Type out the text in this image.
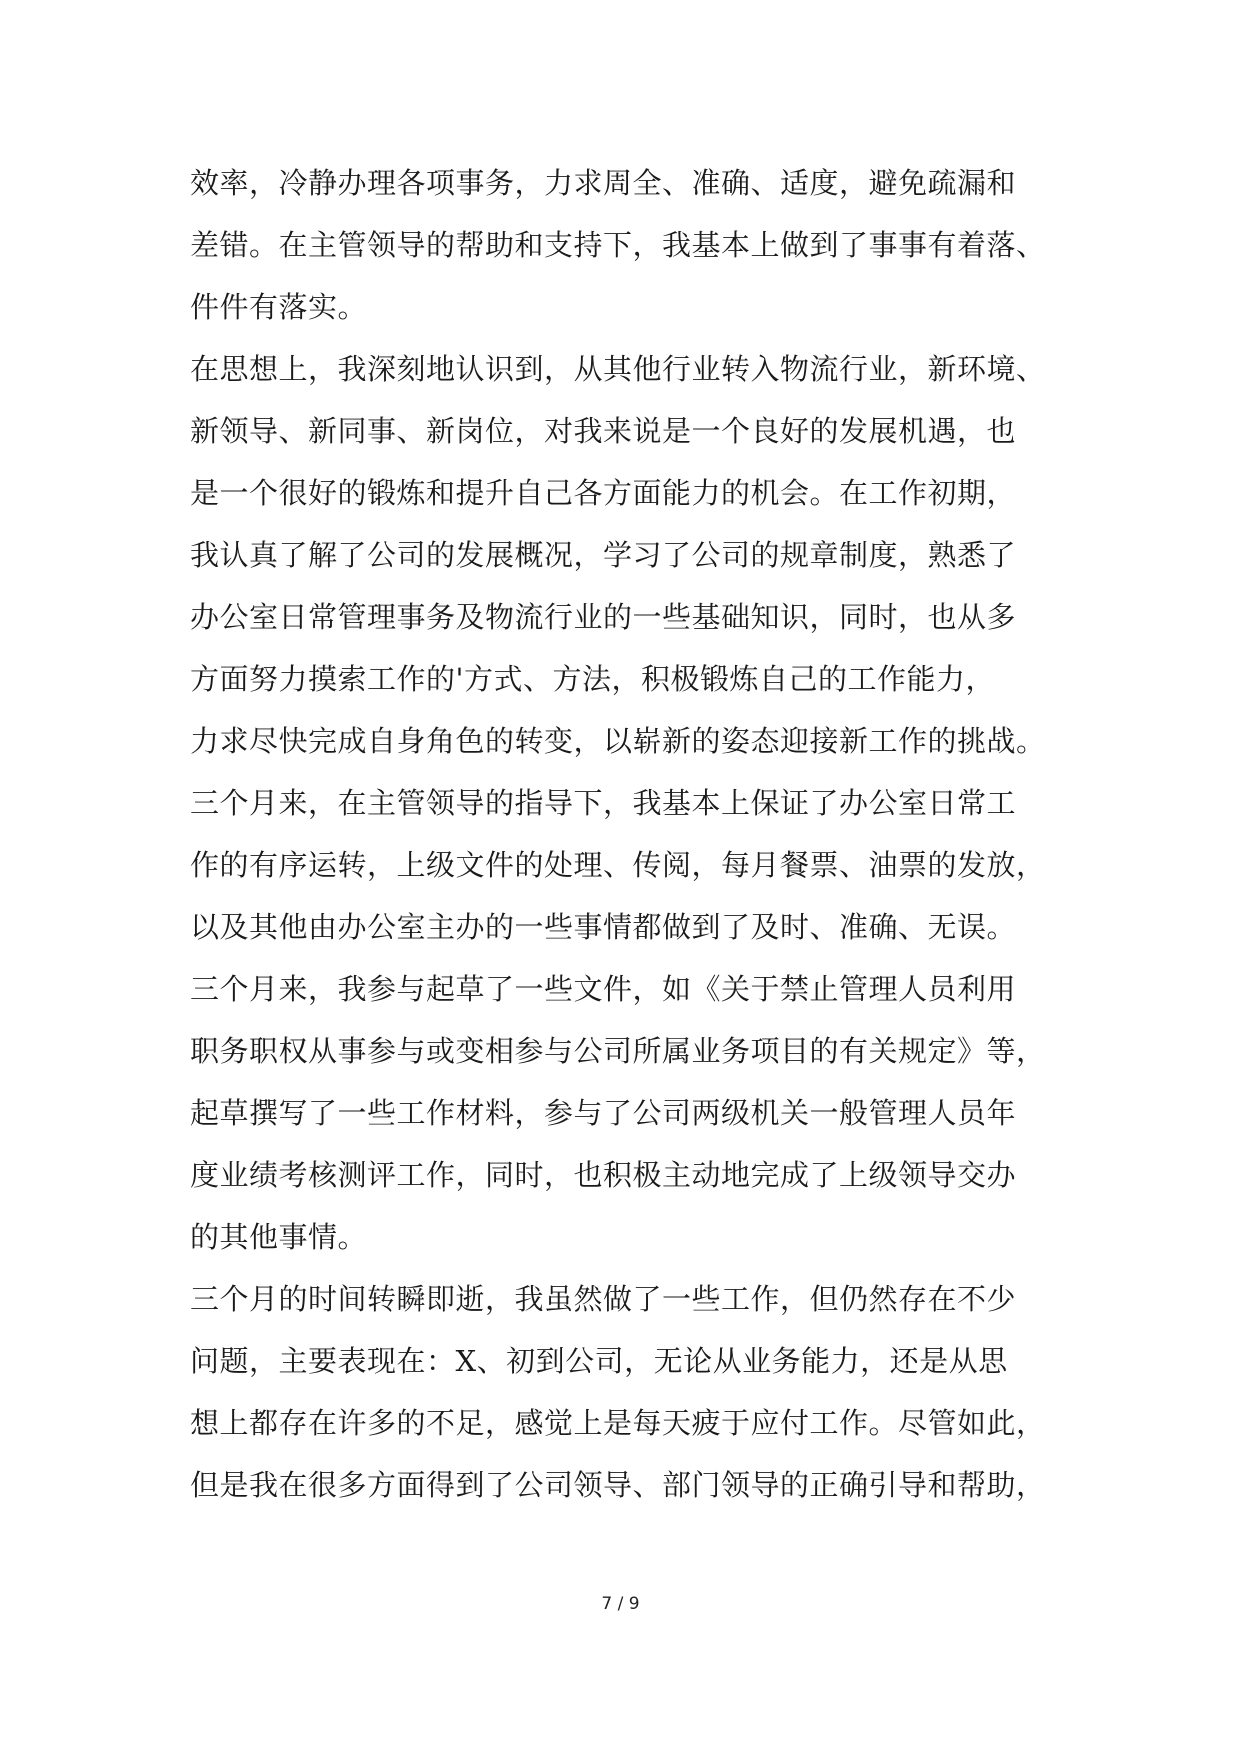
效率，冷静办理各项事务，力求周全、准确、适度，避免疏漏和
差错。在主管领导的帮助和支持下，我基本上做到了事事有着落、
件件有落实。
在思想上，我深刻地认识到，从其他行业转入物流行业，新环境、
新领导、新同事、新岗位，对我来说是一个良好的发展机遇，也
是一个很好的锻炼和提升自己各方面能力的机会。在工作初期，
我认真了解了公司的发展概况，学习了公司的规章制度，熟悉了
办公室日常管理事务及物流行业的一些基础知识，同时，也从多
方面努力摸索工作的'方式、方法，积极锻炼自己的工作能力，
力求尽快完成自身角色的转变，以崭新的姿态迎接新工作的挑战。
三个月来，在主管领导的指导下，我基本上保证了办公室日常工
作的有序运转，上级文件的处理、传阅，每月餐票、油票的发放，
以及其他由办公室主办的一些事情都做到了及时、准确、无误。
三个月来，我参与起草了一些文件，如《关于禁止管理人员利用
职务职权从事参与或变相参与公司所属业务项目的有关规定》等，
起草撰写了一些工作材料，参与了公司两级机关一般管理人员年
度业绩考核测评工作，同时，也积极主动地完成了上级领导交办
的其他事情。
三个月的时间转瞬即逝，我虽然做了一些工作，但仍然存在不少
问题，主要表现在：X、初到公司，无论从业务能力，还是从思
想上都存在许多的不足，感觉上是每天疲于应付工作。尽管如此，
但是我在很多方面得到了公司领导、部门领导的正确引导和帮助，
7 / 9
